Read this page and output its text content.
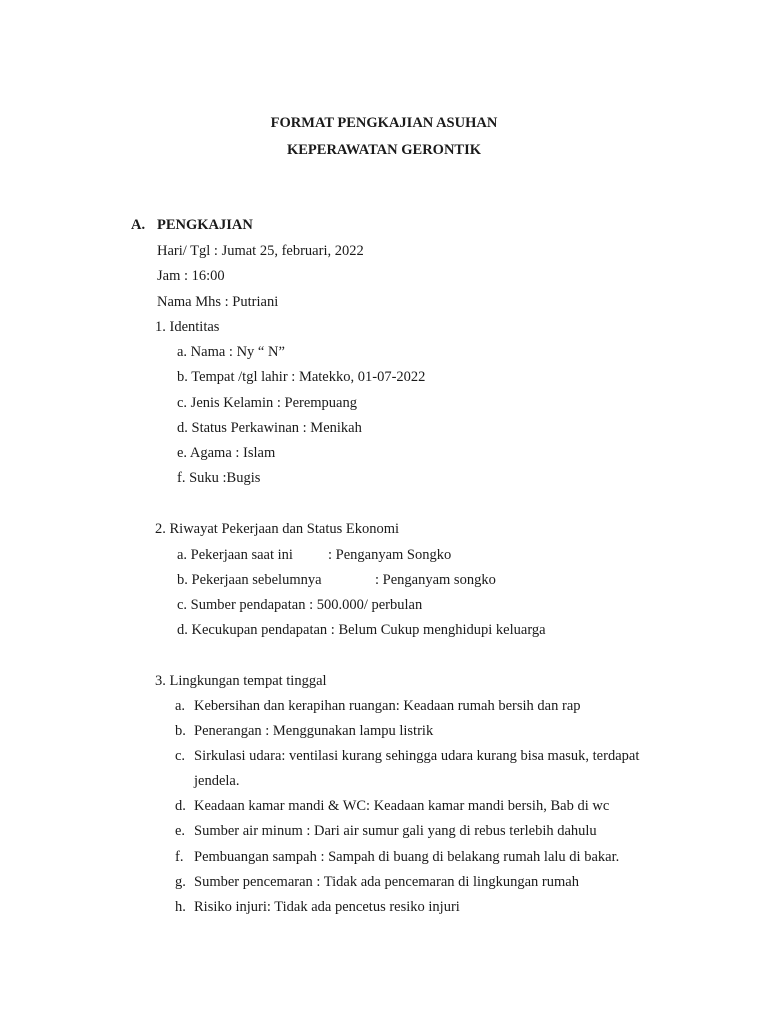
FORMAT PENGKAJIAN ASUHAN
KEPERAWATAN GERONTIK
A. PENGKAJIAN
Hari/ Tgl : Jumat 25, februari, 2022
Jam : 16:00
Nama Mhs : Putriani
1. Identitas
a. Nama : Ny “ N”
b. Tempat /tgl lahir : Matekko, 01-07-2022
c. Jenis Kelamin : Perempuang
d. Status Perkawinan : Menikah
e. Agama : Islam
f. Suku :Bugis
2. Riwayat Pekerjaan dan Status Ekonomi
a. Pekerjaan saat ini : Penganyam Songko
b. Pekerjaan sebelumnya	: Penganyam songko
c. Sumber pendapatan : 500.000/ perbulan
d. Kecukupan pendapatan : Belum Cukup menghidupi keluarga
3. Lingkungan tempat tinggal
a. Kebersihan dan kerapihan ruangan: Keadaan rumah bersih dan rap
b. Penerangan : Menggunakan lampu listrik
c. Sirkulasi udara: ventilasi kurang sehingga udara kurang bisa masuk, terdapat
jendela.
d. Keadaan kamar mandi & WC: Keadaan kamar mandi bersih, Bab di wc
e. Sumber air minum : Dari air sumur gali yang di rebus terlebih dahulu
f. Pembuangan sampah : Sampah di buang di belakang rumah lalu di bakar.
g. Sumber pencemaran : Tidak ada pencemaran di lingkungan rumah
h. Risiko injuri: Tidak ada pencetus resiko injuri
